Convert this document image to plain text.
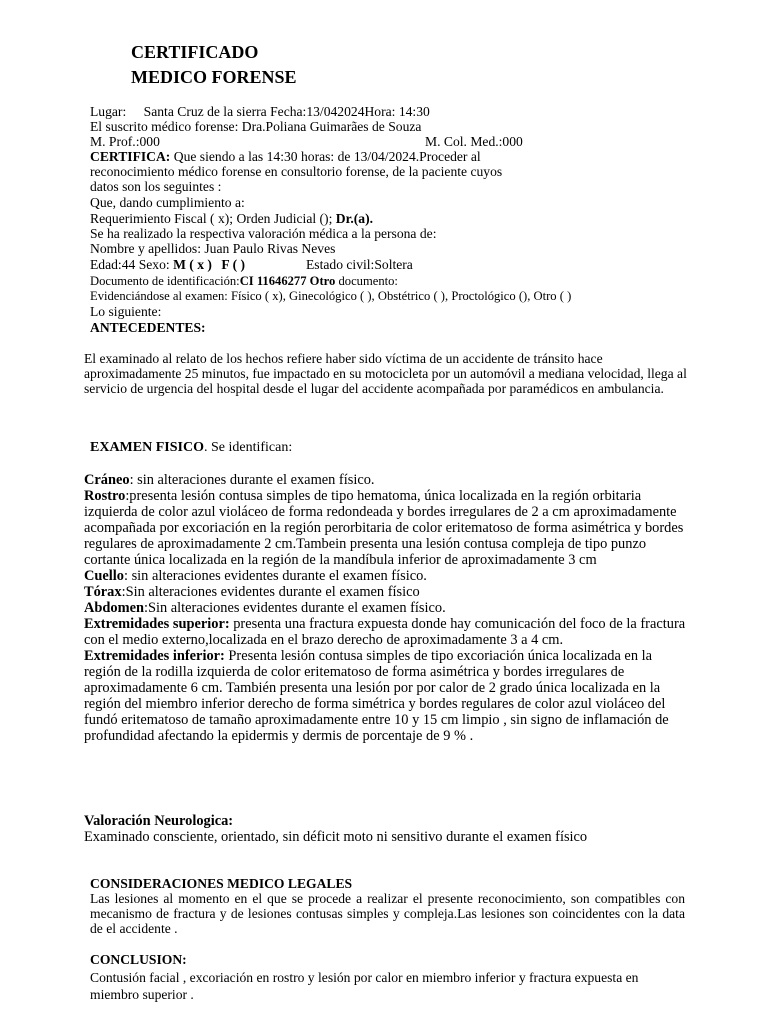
CERTIFICADO
MEDICO FORENSE
Lugar: Santa Cruz de la sierra Fecha:13/042024Hora: 14:30
El suscrito médico forense: Dra.Poliana Guimarães de Souza
M. Prof.:000	M. Col. Med.:000
CERTIFICA: Que siendo a las 14:30 horas: de 13/04/2024.Proceder al
reconocimiento médico forense en consultorio forense, de la paciente cuyos
datos son los seguintes :
Que, dando cumplimiento a:
Requerimiento Fiscal ( x); Orden Judicial (); Dr.(a).
Se ha realizado la respectiva valoración médica a la persona de:
Nombre y apellidos: Juan Paulo Rivas Neves
Edad:44 Sexo: M ( x ) F ( )	Estado civil:Soltera
Documento de identificación:CI 11646277 Otro documento:
Evidenciándose al examen: Físico ( x), Ginecológico ( ), Obstétrico ( ), Proctológico (), Otro ( )
Lo siguiente:
ANTECEDENTES:
El examinado al relato de los hechos refiere haber sido víctima de un accidente de tránsito hace aproximadamente 25 minutos, fue impactado en su motocicleta por un automóvil a mediana velocidad, llega al servicio de urgencia del hospital desde el lugar del accidente acompañada por paramédicos en ambulancia.
EXAMEN FISICO. Se identifican:

Cráneo: sin alteraciones durante el examen físico.

Rostro:presenta lesión contusa simples de tipo hematoma, única localizada en la región orbitaria izquierda de color azul violáceo de forma redondeada y bordes irregulares de 2 a cm aproximadamente acompañada por excoriación en la región perorbitaria de color eritematoso de forma asimétrica y bordes regulares de aproximadamente 2 cm.Tambein presenta una lesión contusa compleja de tipo punzo cortante única localizada en la región de la mandíbula inferior de aproximadamente 3 cm

Cuello: sin alteraciones evidentes durante el examen físico.

Tórax:Sin alteraciones evidentes durante el examen físico

Abdomen:Sin alteraciones evidentes durante el examen físico.

Extremidades superior: presenta una fractura expuesta donde hay comunicación del foco de la fractura con el medio externo,localizada en el brazo derecho de aproximadamente 3 a 4 cm.

Extremidades inferior: Presenta lesión contusa simples de tipo excoriación única localizada en la región de la rodilla izquierda de color eritematoso de forma asimétrica y bordes irregulares de aproximadamente 6 cm. También presenta una lesión por por calor de 2 grado única localizada en la región del miembro inferior derecho de forma simétrica y bordes regulares de color azul violáceo del fundó eritematoso de tamaño aproximadamente entre 10 y 15 cm limpio , sin signo de inflamación de profundidad afectando la epidermis y dermis de porcentaje de 9 % .

Valoración Neurologica:
Examinado consciente, orientado, sin déficit moto ni sensitivo durante el examen físico
CONSIDERACIONES MEDICO LEGALES
Las lesiones al momento en el que se procede a realizar el presente reconocimiento, son compatibles con mecanismo de fractura y de lesiones contusas simples y compleja.Las lesiones son coincidentes con la data de el accidente .
CONCLUSION:
Contusión facial , excoriación en rostro y lesión por calor en miembro inferior y fractura expuesta en miembro superior .
